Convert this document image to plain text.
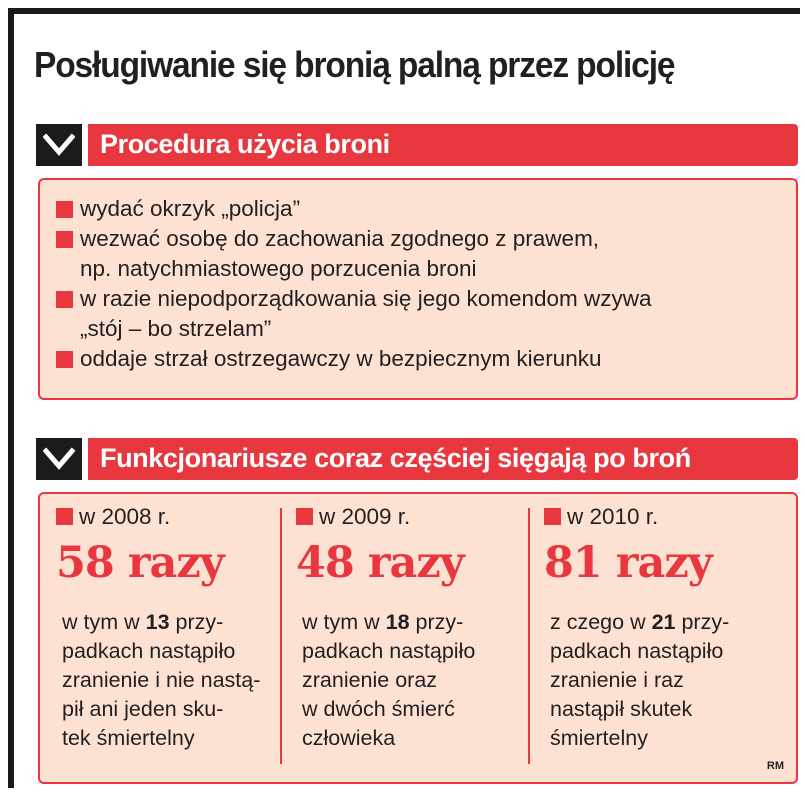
Posługiwanie się bronią palną przez policję
Procedura użycia broni
wydać okrzyk „policja”
wezwać osobę do zachowania zgodnego z prawem,
np. natychmiastowego porzucenia broni
w razie niepodporządkowania się jego komendom wzywa
„stój – bo strzelam”
oddaje strzał ostrzegawczy w bezpiecznym kierunku
Funkcjonariusze coraz częściej sięgają po broń
w 2008 r.
58 razy
w tym w 13 przy-
padkach nastąpiło
zranienie i nie nastą-
pił ani jeden sku-
tek śmiertelny
w 2009 r.
48 razy
w tym w 18 przy-
padkach nastąpiło
zranienie oraz
w dwóch śmierć
człowieka
w 2010 r.
81 razy
z czego w 21 przy-
padkach nastąpiło
zranienie i raz
nastąpił skutek
śmiertelny
RM
